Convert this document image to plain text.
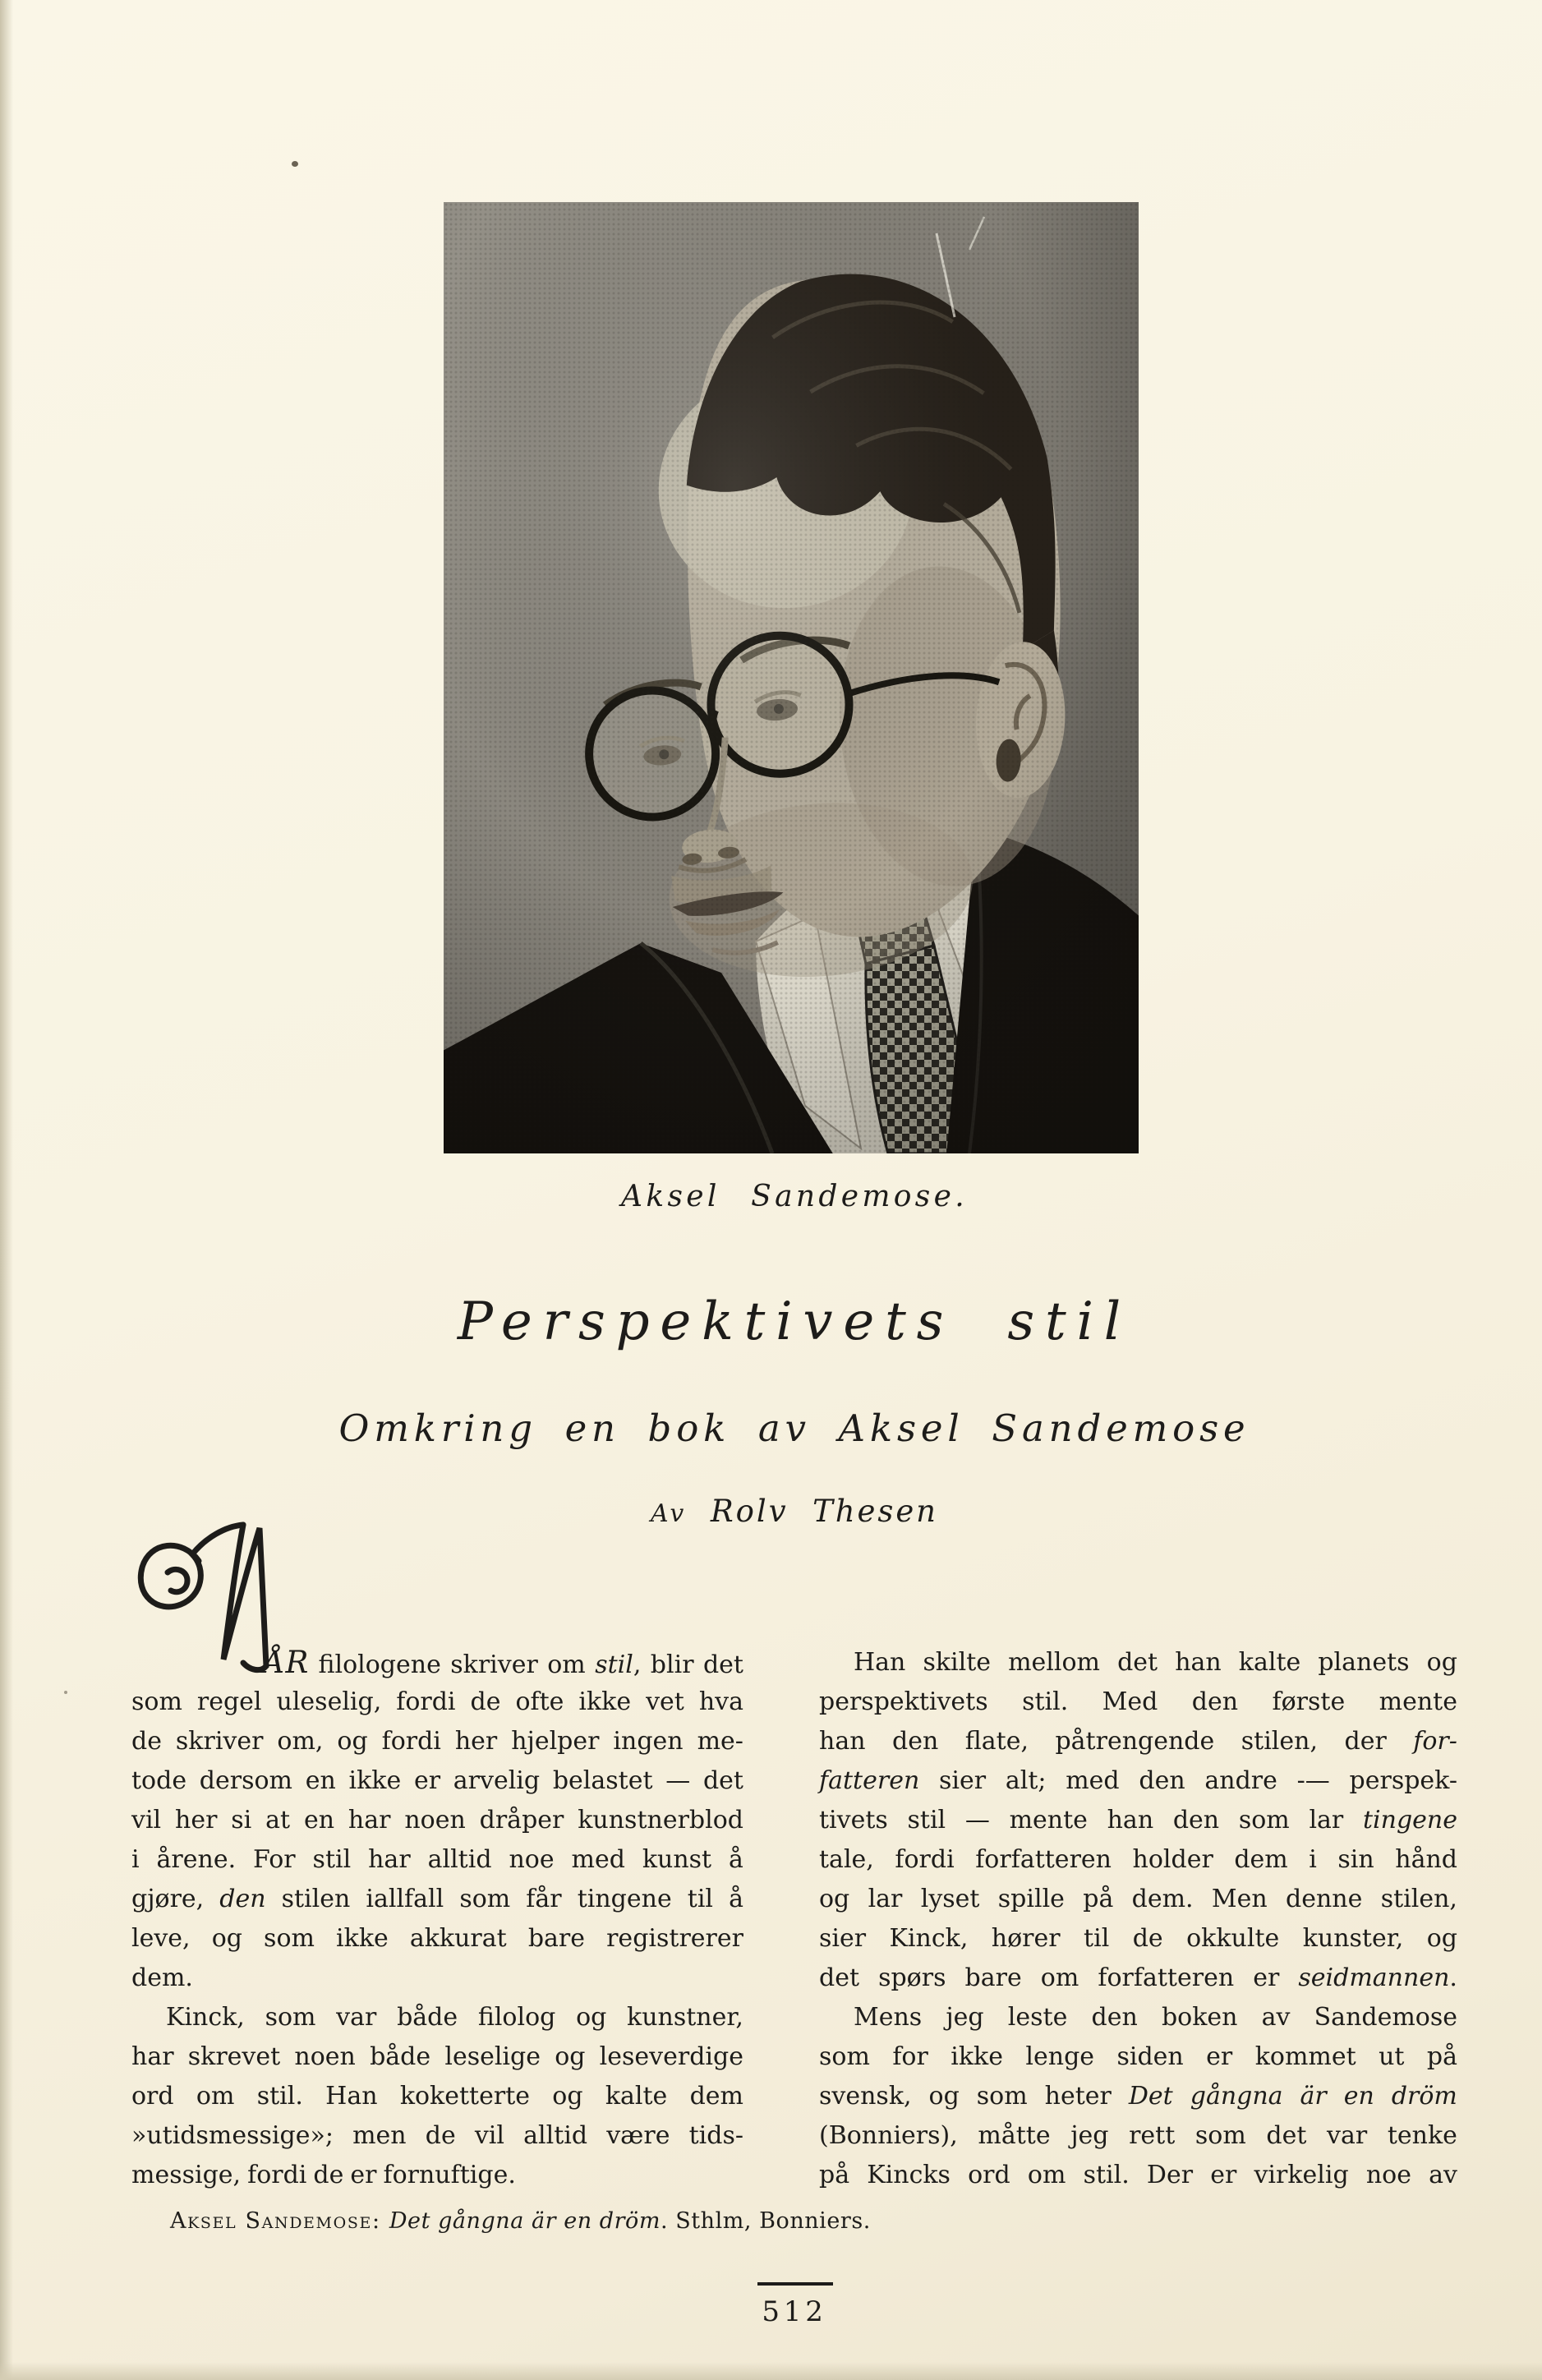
Aksel Sandemose.
Perspektivets stil
Omkring en bok av Aksel Sandemose
Av Rolv Thesen
ÅR filologene skriver om stil, blir det
som regel uleselig, fordi de ofte ikke vet hva
de skriver om, og fordi her hjelper ingen me-
tode dersom en ikke er arvelig belastet — det
vil her si at en har noen dråper kunstnerblod
i årene. For stil har alltid noe med kunst å
gjøre, den stilen iallfall som får tingene til å
leve, og som ikke akkurat bare registrerer
dem.
Kinck, som var både filolog og kunstner,
har skrevet noen både leselige og leseverdige
ord om stil. Han koketterte og kalte dem
»utidsmessige»; men de vil alltid være tids-
messige, fordi de er fornuftige.
Han skilte mellom det han kalte planets og
perspektivets stil. Med den første mente
han den flate, påtrengende stilen, der for-
fatteren sier alt; med den andre -— perspek-
tivets stil — mente han den som lar tingene
tale, fordi forfatteren holder dem i sin hånd
og lar lyset spille på dem. Men denne stilen,
sier Kinck, hører til de okkulte kunster, og
det spørs bare om forfatteren er seidmannen.
Mens jeg leste den boken av Sandemose
som for ikke lenge siden er kommet ut på
svensk, og som heter Det gångna är en dröm
(Bonniers), måtte jeg rett som det var tenke
på Kincks ord om stil. Der er virkelig noe av
Aksel Sandemose: Det gångna är en dröm. Sthlm, Bonniers.
512
